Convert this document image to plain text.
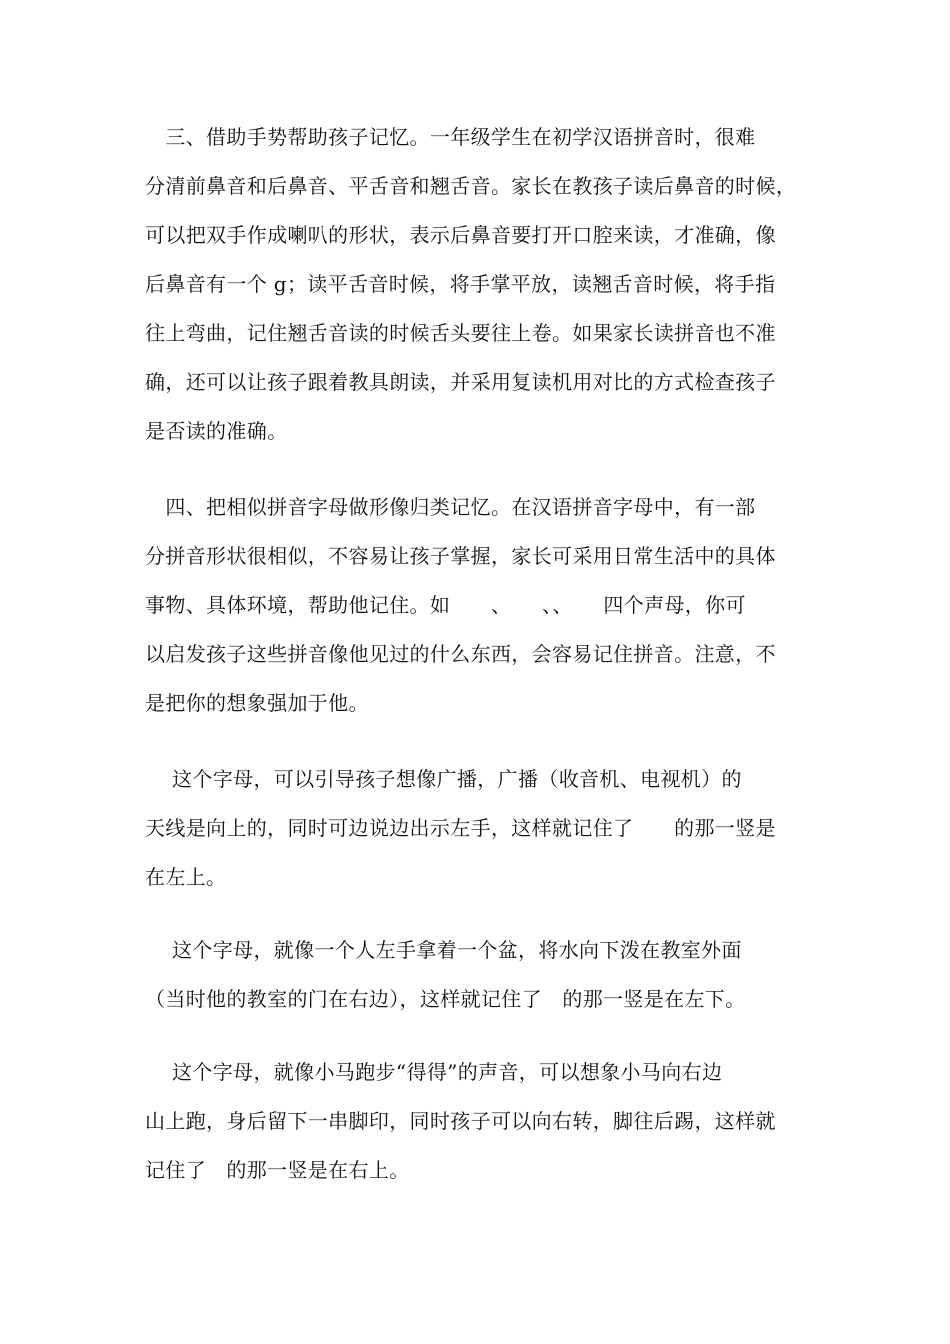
　三、借助手势帮助孩子记忆。一年级学生在初学汉语拼音时，很难
分清前鼻音和后鼻音、平舌音和翘舌音。家长在教孩子读后鼻音的时候，
可以把双手作成喇叭的形状，表示后鼻音要打开口腔来读，才准确，像
后鼻音有一个 g；读平舌音时候，将手掌平放，读翘舌音时候，将手指
往上弯曲，记住翘舌音读的时候舌头要往上卷。如果家长读拼音也不准
确，还可以让孩子跟着教具朗读，并采用复读机用对比的方式检查孩子
是否读的准确。
　四、把相似拼音字母做形像归类记忆。在汉语拼音字母中，有一部
分拼音形状很相似，不容易让孩子掌握，家长可采用日常生活中的具体
事物、具体环境，帮助他记住。如　　、　　、、　　四个声母，你可
以启发孩子这些拼音像他见过的什么东西，会容易记住拼音。注意，不
是把你的想象强加于他。
　 这个字母，可以引导孩子想像广播，广播（收音机、电视机）的
天线是向上的，同时可边说边出示左手，这样就记住了　　的那一竖是
在左上。
　 这个字母，就像一个人左手拿着一个盆，将水向下泼在教室外面
（当时他的教室的门在右边），这样就记住了　的那一竖是在左下。
　 这个字母，就像小马跑步“得得”的声音，可以想象小马向右边
山上跑，身后留下一串脚印，同时孩子可以向右转，脚往后踢，这样就
记住了　的那一竖是在右上。
